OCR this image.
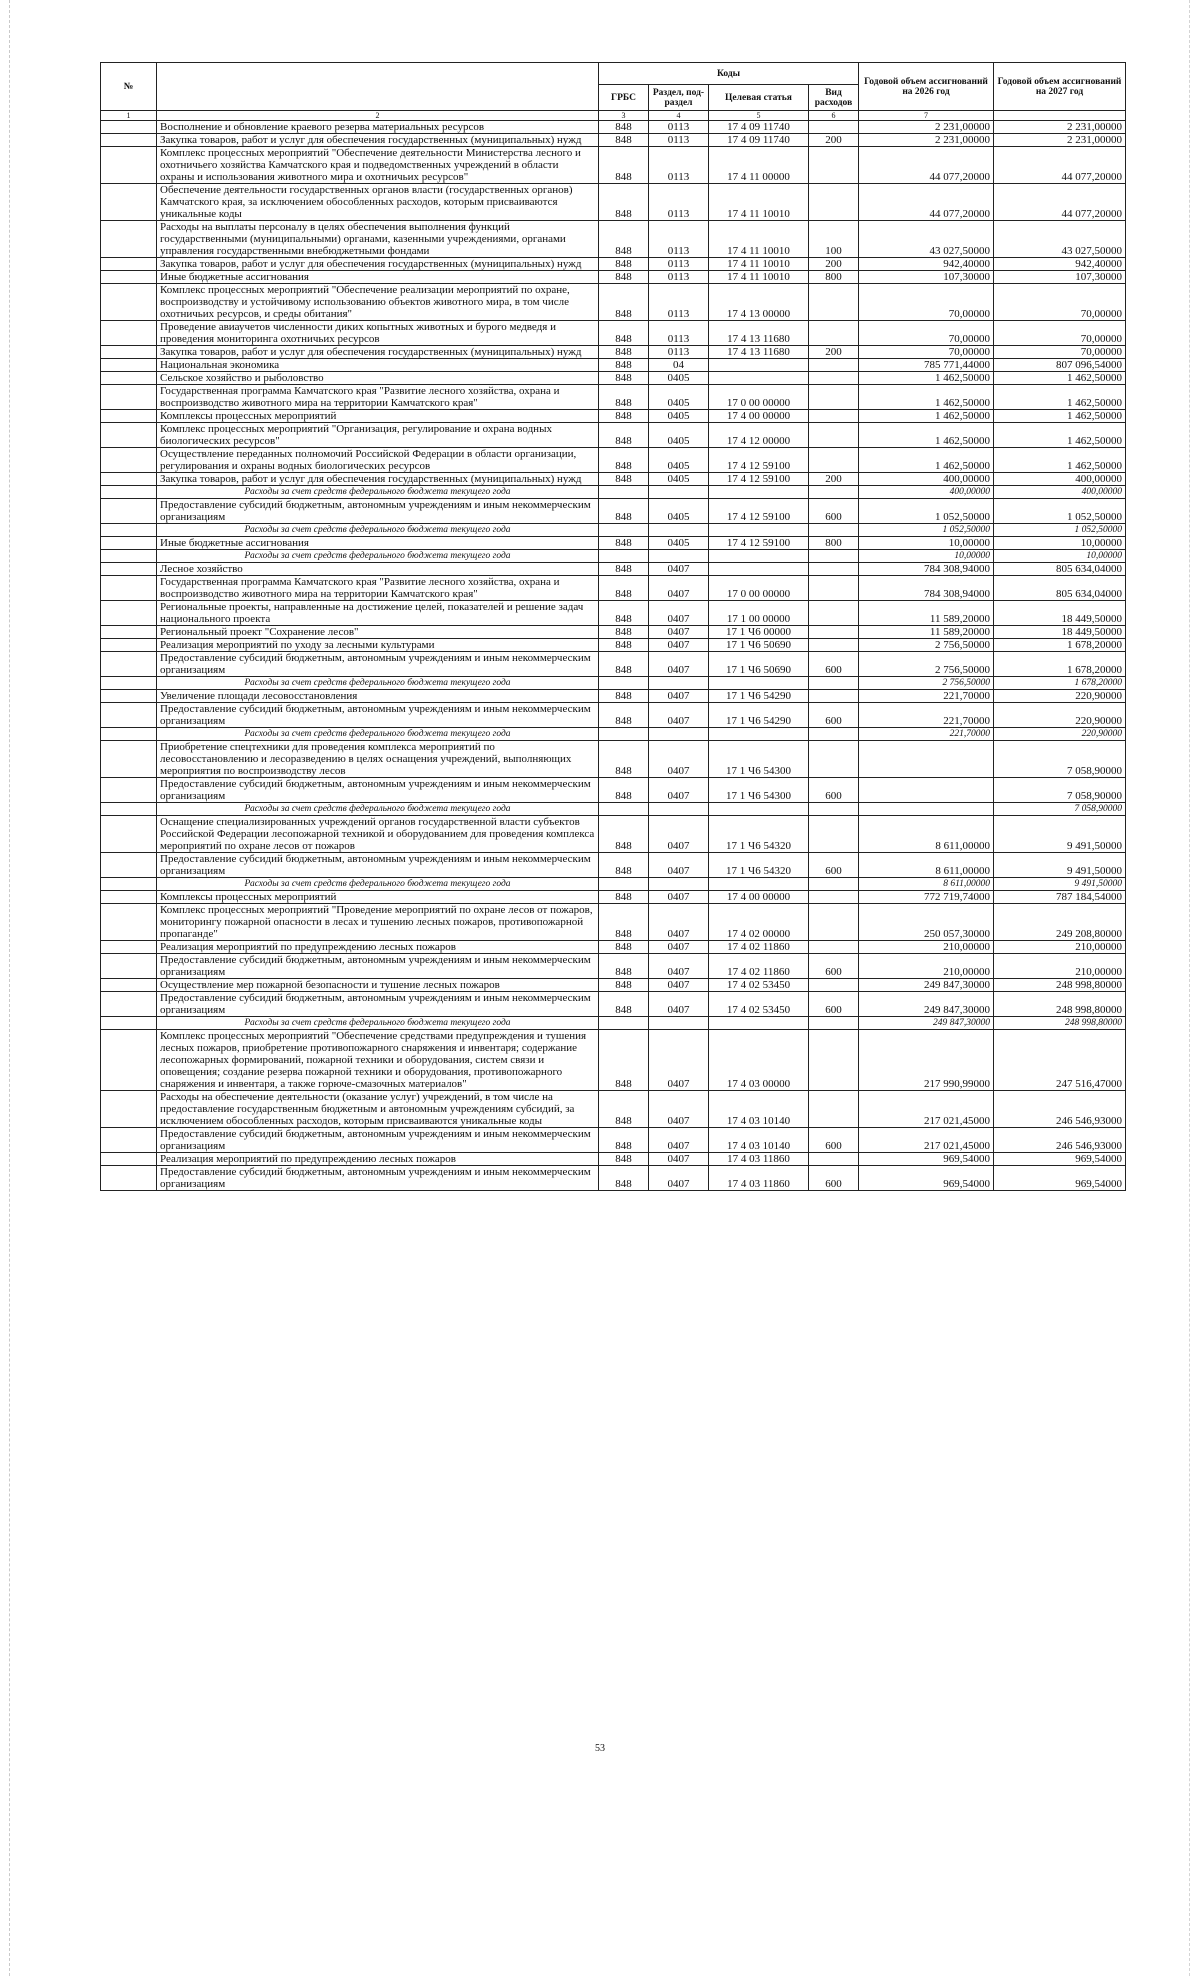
№		Коды				Годовой объем ассигнований на 2026 год	Годовой объем ассигнований на 2027 год
		ГРБС	Раздел, под-раздел	Целевая статья	Вид расходов		
1	2	3	4	5	6	7	
	Восполнение и обновление краевого резерва материальных ресурсов	848	0113	17 4 09 11740		2 231,00000	2 231,00000
	Закупка товаров, работ и услуг для обеспечения государственных (муниципальных) нужд	848	0113	17 4 09 11740	200	2 231,00000	2 231,00000
	Комплекс процессных мероприятий "Обеспечение деятельности Министерства лесного и охотничьего хозяйства Камчатского края и подведомственных учреждений в области охраны и использования животного мира и охотничьих ресурсов"	848	0113	17 4 11 00000		44 077,20000	44 077,20000
	Обеспечение деятельности государственных органов власти (государственных органов) Камчатского края, за исключением обособленных расходов, которым присваиваются уникальные коды	848	0113	17 4 11 10010		44 077,20000	44 077,20000
	Расходы на выплаты персоналу в целях обеспечения выполнения функций государственными (муниципальными) органами, казенными учреждениями, органами управления государственными внебюджетными фондами	848	0113	17 4 11 10010	100	43 027,50000	43 027,50000
	Закупка товаров, работ и услуг для обеспечения государственных (муниципальных) нужд	848	0113	17 4 11 10010	200	942,40000	942,40000
	Иные бюджетные ассигнования	848	0113	17 4 11 10010	800	107,30000	107,30000
	Комплекс процессных мероприятий "Обеспечение реализации мероприятий по охране, воспроизводству и устойчивому использованию объектов животного мира, в том числе охотничьих ресурсов, и среды обитания"	848	0113	17 4 13 00000		70,00000	70,00000
	Проведение авиаучетов численности диких копытных животных и бурого медведя и проведения мониторинга охотничьих ресурсов	848	0113	17 4 13 11680		70,00000	70,00000
	Закупка товаров, работ и услуг для обеспечения государственных (муниципальных) нужд	848	0113	17 4 13 11680	200	70,00000	70,00000
	Национальная экономика	848	04			785 771,44000	807 096,54000
	Сельское хозяйство и рыболовство	848	0405			1 462,50000	1 462,50000
	Государственная программа Камчатского края "Развитие лесного хозяйства, охрана и воспроизводство животного мира на территории Камчатского края"	848	0405	17 0 00 00000		1 462,50000	1 462,50000
	Комплексы процессных мероприятий	848	0405	17 4 00 00000		1 462,50000	1 462,50000
	Комплекс процессных мероприятий "Организация, регулирование и охрана водных биологических ресурсов"	848	0405	17 4 12 00000		1 462,50000	1 462,50000
	Осуществление переданных полномочий Российской Федерации в области организации, регулирования и охраны водных биологических ресурсов	848	0405	17 4 12 59100		1 462,50000	1 462,50000
	Закупка товаров, работ и услуг для обеспечения государственных (муниципальных) нужд	848	0405	17 4 12 59100	200	400,00000	400,00000
	Расходы за счет средств федерального бюджета текущего года					400,00000	400,00000
	Предоставление субсидий бюджетным, автономным учреждениям и иным некоммерческим организациям	848	0405	17 4 12 59100	600	1 052,50000	1 052,50000
	Расходы за счет средств федерального бюджета текущего года					1 052,50000	1 052,50000
	Иные бюджетные ассигнования	848	0405	17 4 12 59100	800	10,00000	10,00000
	Расходы за счет средств федерального бюджета текущего года					10,00000	10,00000
	Лесное хозяйство	848	0407			784 308,94000	805 634,04000
	Государственная программа Камчатского края "Развитие лесного хозяйства, охрана и воспроизводство животного мира на территории Камчатского края"	848	0407	17 0 00 00000		784 308,94000	805 634,04000
	Региональные проекты, направленные на достижение целей, показателей и решение задач национального проекта	848	0407	17 1 00 00000		11 589,20000	18 449,50000
	Региональный проект "Сохранение лесов"	848	0407	17 1 Ч6 00000		11 589,20000	18 449,50000
	Реализация мероприятий по уходу за лесными культурами	848	0407	17 1 Ч6 50690		2 756,50000	1 678,20000
	Предоставление субсидий бюджетным, автономным учреждениям и иным некоммерческим организациям	848	0407	17 1 Ч6 50690	600	2 756,50000	1 678,20000
	Расходы за счет средств федерального бюджета текущего года					2 756,50000	1 678,20000
	Увеличение площади лесовосстановления	848	0407	17 1 Ч6 54290		221,70000	220,90000
	Предоставление субсидий бюджетным, автономным учреждениям и иным некоммерческим организациям	848	0407	17 1 Ч6 54290	600	221,70000	220,90000
	Расходы за счет средств федерального бюджета текущего года					221,70000	220,90000
	Приобретение спецтехники для проведения комплекса мероприятий по лесовосстановлению и лесоразведению в целях оснащения учреждений, выполняющих мероприятия по воспроизводству лесов	848	0407	17 1 Ч6 54300			7 058,90000
	Предоставление субсидий бюджетным, автономным учреждениям и иным некоммерческим организациям	848	0407	17 1 Ч6 54300	600		7 058,90000
	Расходы за счет средств федерального бюджета текущего года						7 058,90000
	Оснащение специализированных учреждений органов государственной власти субъектов Российской Федерации лесопожарной техникой и оборудованием для проведения комплекса мероприятий по охране лесов от пожаров	848	0407	17 1 Ч6 54320		8 611,00000	9 491,50000
	Предоставление субсидий бюджетным, автономным учреждениям и иным некоммерческим организациям	848	0407	17 1 Ч6 54320	600	8 611,00000	9 491,50000
	Расходы за счет средств федерального бюджета текущего года					8 611,00000	9 491,50000
	Комплексы процессных мероприятий	848	0407	17 4 00 00000		772 719,74000	787 184,54000
	Комплекс процессных мероприятий "Проведение мероприятий по охране лесов от пожаров, мониторингу пожарной опасности в лесах и тушению лесных пожаров, противопожарной пропаганде"	848	0407	17 4 02 00000		250 057,30000	249 208,80000
	Реализация мероприятий по предупреждению лесных пожаров	848	0407	17 4 02 11860		210,00000	210,00000
	Предоставление субсидий бюджетным, автономным учреждениям и иным некоммерческим организациям	848	0407	17 4 02 11860	600	210,00000	210,00000
	Осуществление мер пожарной безопасности и тушение лесных пожаров	848	0407	17 4 02 53450		249 847,30000	248 998,80000
	Предоставление субсидий бюджетным, автономным учреждениям и иным некоммерческим организациям	848	0407	17 4 02 53450	600	249 847,30000	248 998,80000
	Расходы за счет средств федерального бюджета текущего года					249 847,30000	248 998,80000
	Комплекс процессных мероприятий "Обеспечение средствами предупреждения и тушения лесных пожаров, приобретение противопожарного снаряжения и инвентаря; содержание лесопожарных формирований, пожарной техники и оборудования, систем связи и оповещения; создание резерва пожарной техники и оборудования, противопожарного снаряжения и инвентаря, а также горюче-смазочных материалов"	848	0407	17 4 03 00000		217 990,99000	247 516,47000
	Расходы на обеспечение деятельности (оказание услуг) учреждений, в том числе на предоставление государственным бюджетным и автономным учреждениям субсидий, за исключением обособленных расходов, которым присваиваются уникальные коды	848	0407	17 4 03 10140		217 021,45000	246 546,93000
	Предоставление субсидий бюджетным, автономным учреждениям и иным некоммерческим организациям	848	0407	17 4 03 10140	600	217 021,45000	246 546,93000
	Реализация мероприятий по предупреждению лесных пожаров	848	0407	17 4 03 11860		969,54000	969,54000
	Предоставление субсидий бюджетным, автономным учреждениям и иным некоммерческим организациям	848	0407	17 4 03 11860	600	969,54000	969,54000
53
